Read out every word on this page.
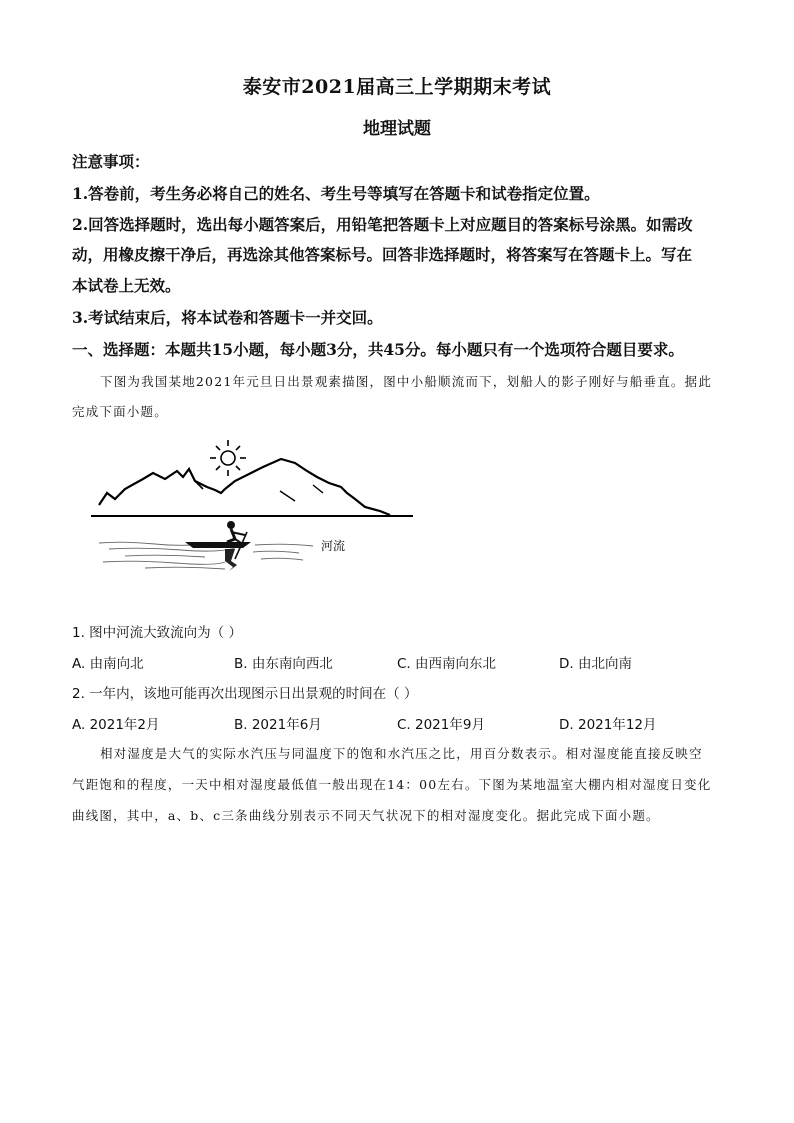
泰安市2021届高三上学期期末考试
地理试题
注意事项：
1.答卷前，考生务必将自己的姓名、考生号等填写在答题卡和试卷指定位置。
2.回答选择题时，选出每小题答案后，用铅笔把答题卡上对应题目的答案标号涂黑。如需改
动，用橡皮擦干净后，再选涂其他答案标号。回答非选择题时，将答案写在答题卡上。写在
本试卷上无效。
3.考试结束后，将本试卷和答题卡一并交回。
一、选择题：本题共15小题，每小题3分，共45分。每小题只有一个选项符合题目要求。
下图为我国某地2021年元旦日出景观素描图，图中小船顺流而下，划船人的影子刚好与船垂直。据此
完成下面小题。
河流
1. 图中河流大致流向为（ ）
A. 由南向北	B. 由东南向西北	C. 由西南向东北	D. 由北向南
2. 一年内，该地可能再次出现图示日出景观的时间在（ ）
A. 2021年2月	B. 2021年6月	C. 2021年9月	D. 2021年12月
相对湿度是大气的实际水汽压与同温度下的饱和水汽压之比，用百分数表示。相对湿度能直接反映空
气距饱和的程度，一天中相对湿度最低值一般出现在14：00左右。下图为某地温室大棚内相对湿度日变化
曲线图，其中，a、b、c三条曲线分别表示不同天气状况下的相对湿度变化。据此完成下面小题。
